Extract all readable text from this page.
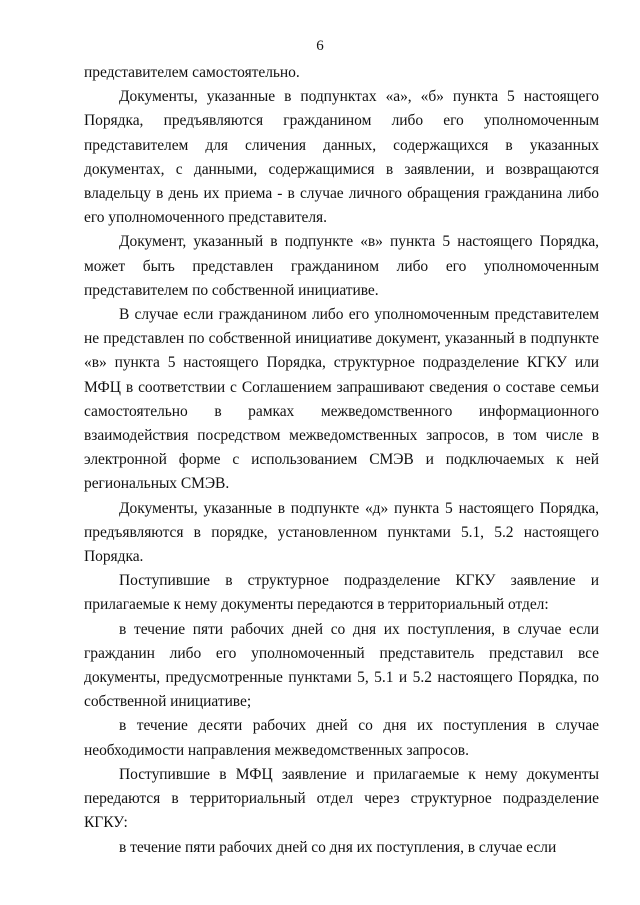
6

представителем самостоятельно.

Документы, указанные в подпунктах «а», «б» пункта 5 настоящего Порядка, предъявляются гражданином либо его уполномоченным представителем для сличения данных, содержащихся в указанных документах, с данными, содержащимися в заявлении, и возвращаются владельцу в день их приема - в случае личного обращения гражданина либо его уполномоченного представителя.

Документ, указанный в подпункте «в» пункта 5 настоящего Порядка, может быть представлен гражданином либо его уполномоченным представителем по собственной инициативе.

В случае если гражданином либо его уполномоченным представителем не представлен по собственной инициативе документ, указанный в подпункте «в» пункта 5 настоящего Порядка, структурное подразделение КГКУ или МФЦ в соответствии с Соглашением запрашивают сведения о составе семьи самостоятельно в рамках межведомственного информационного взаимодействия посредством межведомственных запросов, в том числе в электронной форме с использованием СМЭВ и подключаемых к ней региональных СМЭВ.

Документы, указанные в подпункте «д» пункта 5 настоящего Порядка, предъявляются в порядке, установленном пунктами 5.1, 5.2 настоящего Порядка.

Поступившие в структурное подразделение КГКУ заявление и прилагаемые к нему документы передаются в территориальный отдел:

в течение пяти рабочих дней со дня их поступления, в случае если гражданин либо его уполномоченный представитель представил все документы, предусмотренные пунктами 5, 5.1 и 5.2 настоящего Порядка, по собственной инициативе;

в течение десяти рабочих дней со дня их поступления в случае необходимости направления межведомственных запросов.

Поступившие в МФЦ заявление и прилагаемые к нему документы передаются в территориальный отдел через структурное подразделение КГКУ:

в течение пяти рабочих дней со дня их поступления, в случае если
